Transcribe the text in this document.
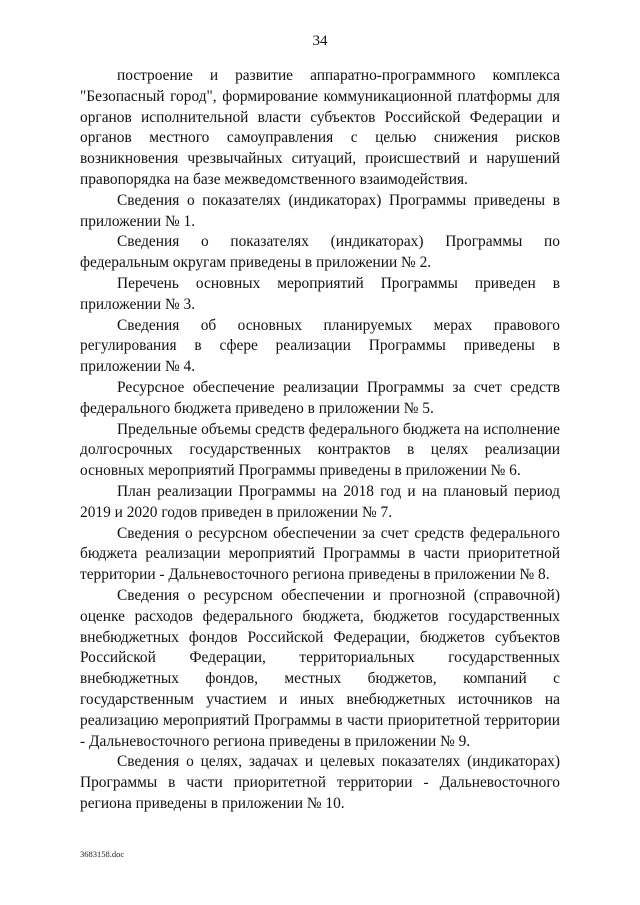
34

построение и развитие аппаратно-программного комплекса "Безопасный город", формирование коммуникационной платформы для органов исполнительной власти субъектов Российской Федерации и органов местного самоуправления с целью снижения рисков возникновения чрезвычайных ситуаций, происшествий и нарушений правопорядка на базе межведомственного взаимодействия.

Сведения о показателях (индикаторах) Программы приведены в приложении № 1.

Сведения о показателях (индикаторах) Программы по федеральным округам приведены в приложении № 2.

Перечень основных мероприятий Программы приведен в приложении № 3.

Сведения об основных планируемых мерах правового регулирования в сфере реализации Программы приведены в приложении № 4.

Ресурсное обеспечение реализации Программы за счет средств федерального бюджета приведено в приложении № 5.

Предельные объемы средств федерального бюджета на исполнение долгосрочных государственных контрактов в целях реализации основных мероприятий Программы приведены в приложении № 6.

План реализации Программы на 2018 год и на плановый период 2019 и 2020 годов приведен в приложении № 7.

Сведения о ресурсном обеспечении за счет средств федерального бюджета реализации мероприятий Программы в части приоритетной территории - Дальневосточного региона приведены в приложении № 8.

Сведения о ресурсном обеспечении и прогнозной (справочной) оценке расходов федерального бюджета, бюджетов государственных внебюджетных фондов Российской Федерации, бюджетов субъектов Российской Федерации, территориальных государственных внебюджетных фондов, местных бюджетов, компаний с государственным участием и иных внебюджетных источников на реализацию мероприятий Программы в части приоритетной территории - Дальневосточного региона приведены в приложении № 9.

Сведения о целях, задачах и целевых показателях (индикаторах) Программы в части приоритетной территории - Дальневосточного региона приведены в приложении № 10.

3683158.doc
